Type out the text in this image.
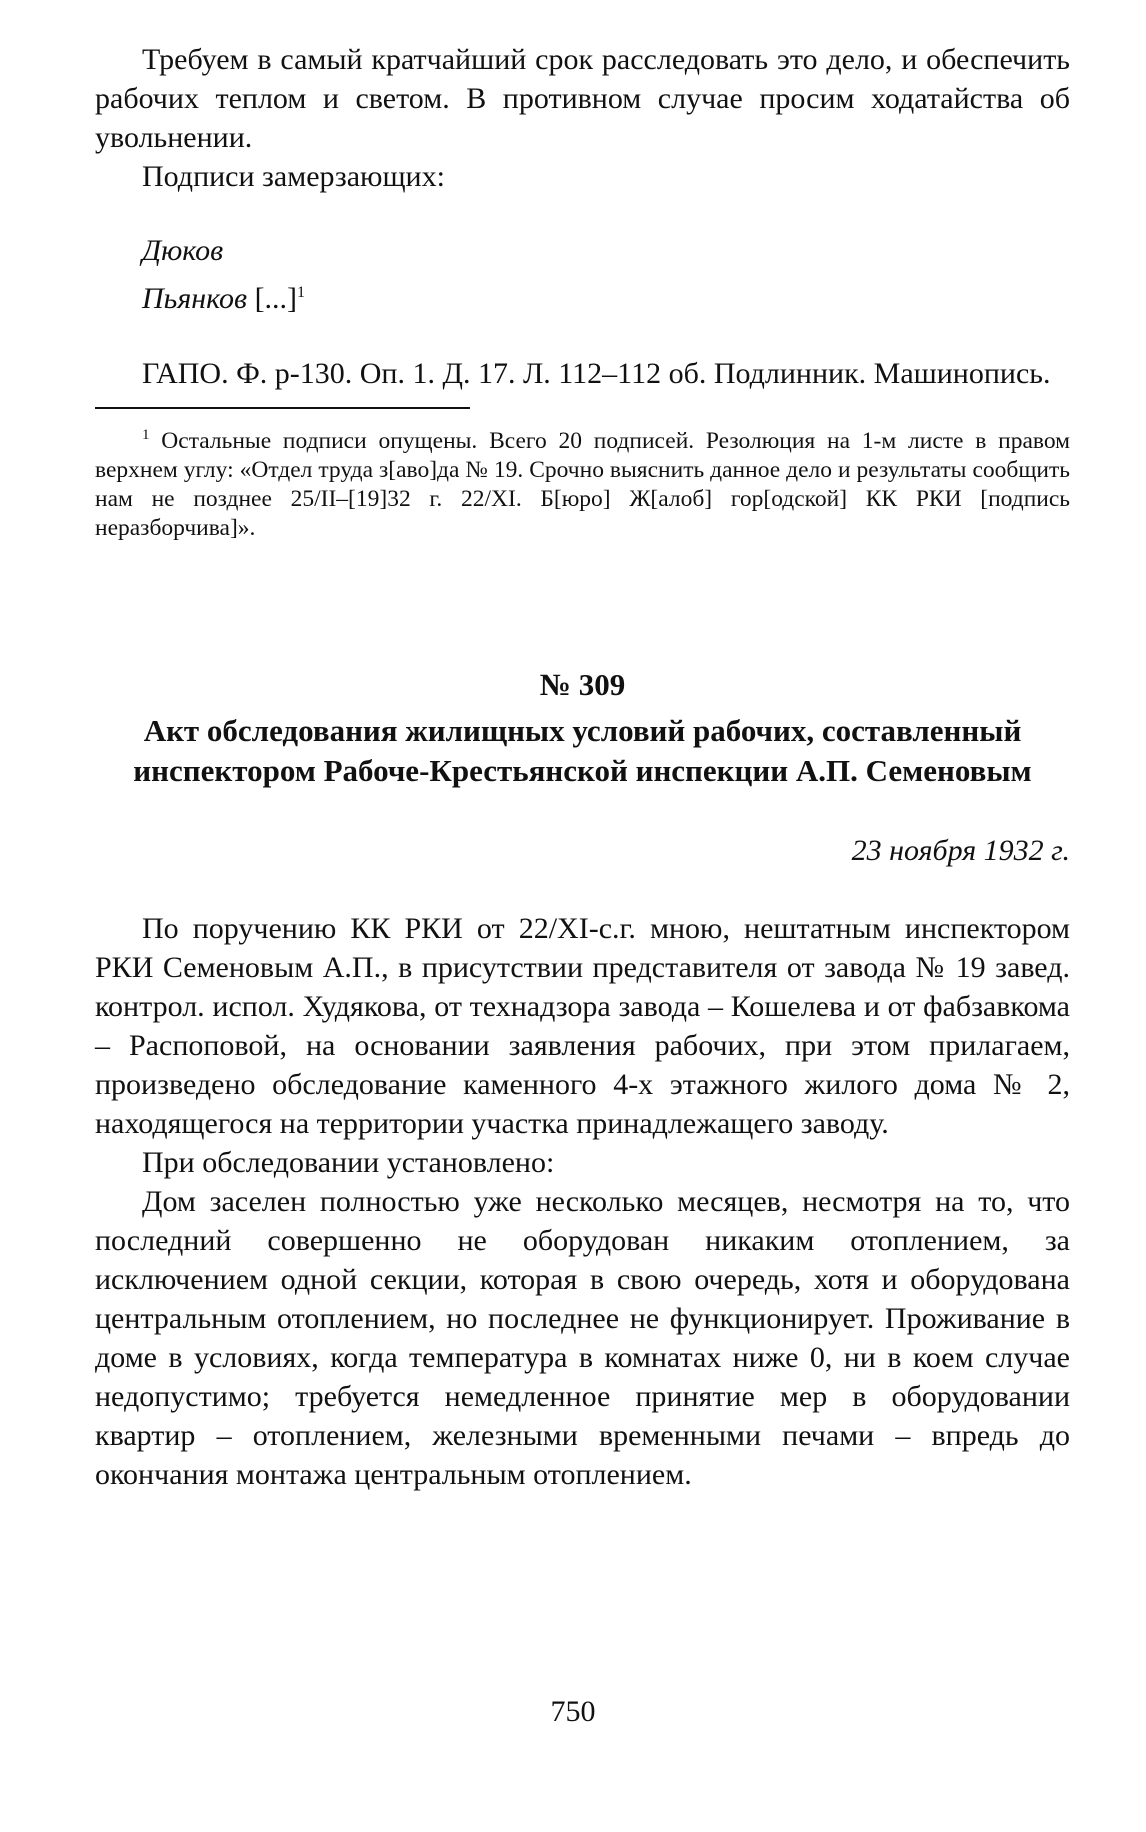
Требуем в самый кратчайший срок расследовать это дело, и обеспечить рабочих теплом и светом. В противном случае просим ходатайства об увольнении.

Подписи замерзающих:

Дюков

Пьянков [...]$^1$

ГАПО. Ф. р-130. Оп. 1. Д. 17. Л. 112–112 об. Подлинник. Машинопись.

$^1$ Остальные подписи опущены. Всего 20 подписей. Резолюция на 1-м листе в правом верхнем углу: «Отдел труда з[аво]да № 19. Срочно выяснить данное дело и результаты сообщить нам не позднее 25/II–[19]32 г. 22/XI. Б[юро] Ж[алоб] гор[одской] КК РКИ [подпись неразборчива]».

№ 309
Акт обследования жилищных условий рабочих, составленный
инспектором Рабоче-Крестьянской инспекции А.П. Семеновым

23 ноября 1932 г.

По поручению КК РКИ от 22/XI-с.г. мною, нештатным инспектором РКИ Семеновым А.П., в присутствии представителя от завода № 19 завед. контрол. испол. Худякова, от технадзора завода – Кошелева и от фабзавкома – Распоповой, на основании заявления рабочих, при этом прилагаем, произведено обследование каменного 4-х этажного жилого дома № 2, находящегося на территории участка принадлежащего заводу.

При обследовании установлено:

Дом заселен полностью уже несколько месяцев, несмотря на то, что последний совершенно не оборудован никаким отоплением, за исключением одной секции, которая в свою очередь, хотя и оборудована центральным отоплением, но последнее не функционирует. Проживание в доме в условиях, когда температура в комнатах ниже 0, ни в коем случае недопустимо; требуется немедленное принятие мер в оборудовании квартир – отоплением, железными временными печами – впредь до окончания монтажа центральным отоплением.

750
